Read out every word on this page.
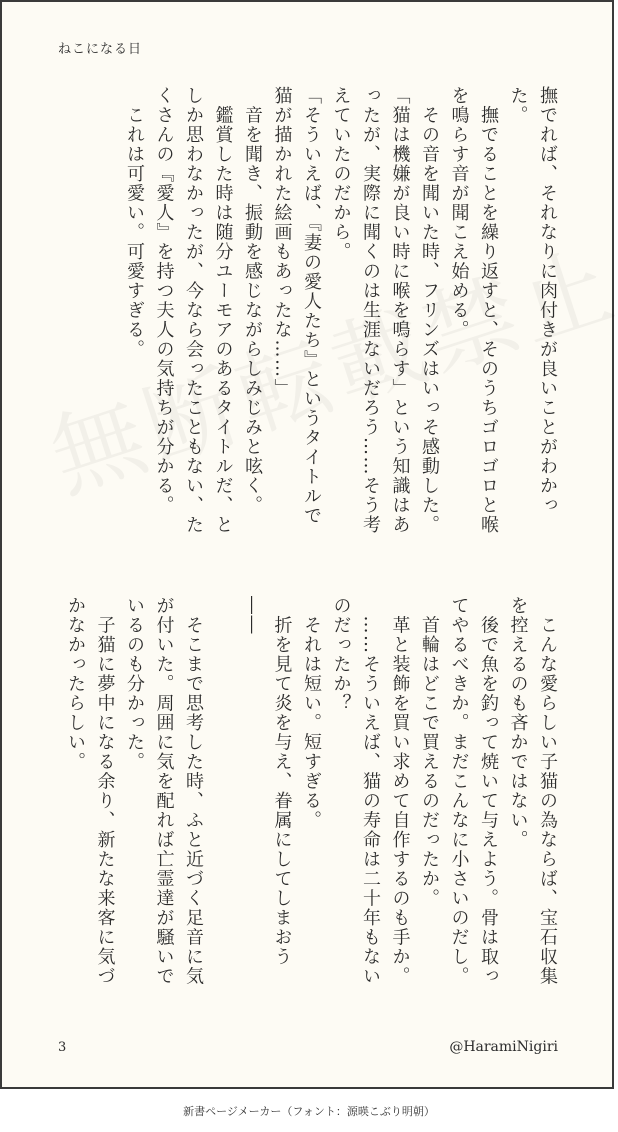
ねこになる日

撫でれば、それなりに肉付きが良いことがわかった。

　撫でることを繰り返すと、そのうちゴロゴロと喉を鳴らす音が聞こえ始める。

　その音を聞いた時、フリンズはいっそ感動した。

「猫は機嫌が良い時に喉を鳴らす」という知識はあったが、実際に聞くのは生涯ないだろう……そう考えていたのだから。

「そういえば、『妻の愛人たち』というタイトルで猫が描かれた絵画もあったな……」

　音を聞き、振動を感じながらしみじみと呟く。

　鑑賞した時は随分ユーモアのあるタイトルだ、としか思わなかったが、今なら会ったこともない、たくさんの『愛人』を持つ夫人の気持ちが分かる。

　これは可愛い。可愛すぎる。

　こんな愛らしい子猫の為ならば、宝石収集を控えるのも吝かではない。

　後で魚を釣って焼いて与えよう。骨は取ってやるべきか。まだこんなに小さいのだし。

　首輪はどこで買えるのだったか。

　革と装飾を買い求めて自作するのも手か。

　……そういえば、猫の寿命は二十年もないのだったか？

　それは短い。短すぎる。

　折を見て炎を与え、眷属にしてしまおう――

　そこまで思考した時、ふと近づく足音に気が付いた。周囲に気を配れば亡霊達が騒いでいるのも分かった。

　子猫に夢中になる余り、新たな来客に気づかなかったらしい。

3	@HaramiNigiri
新書ページメーカー（フォント：源暎こぶり明朝）
